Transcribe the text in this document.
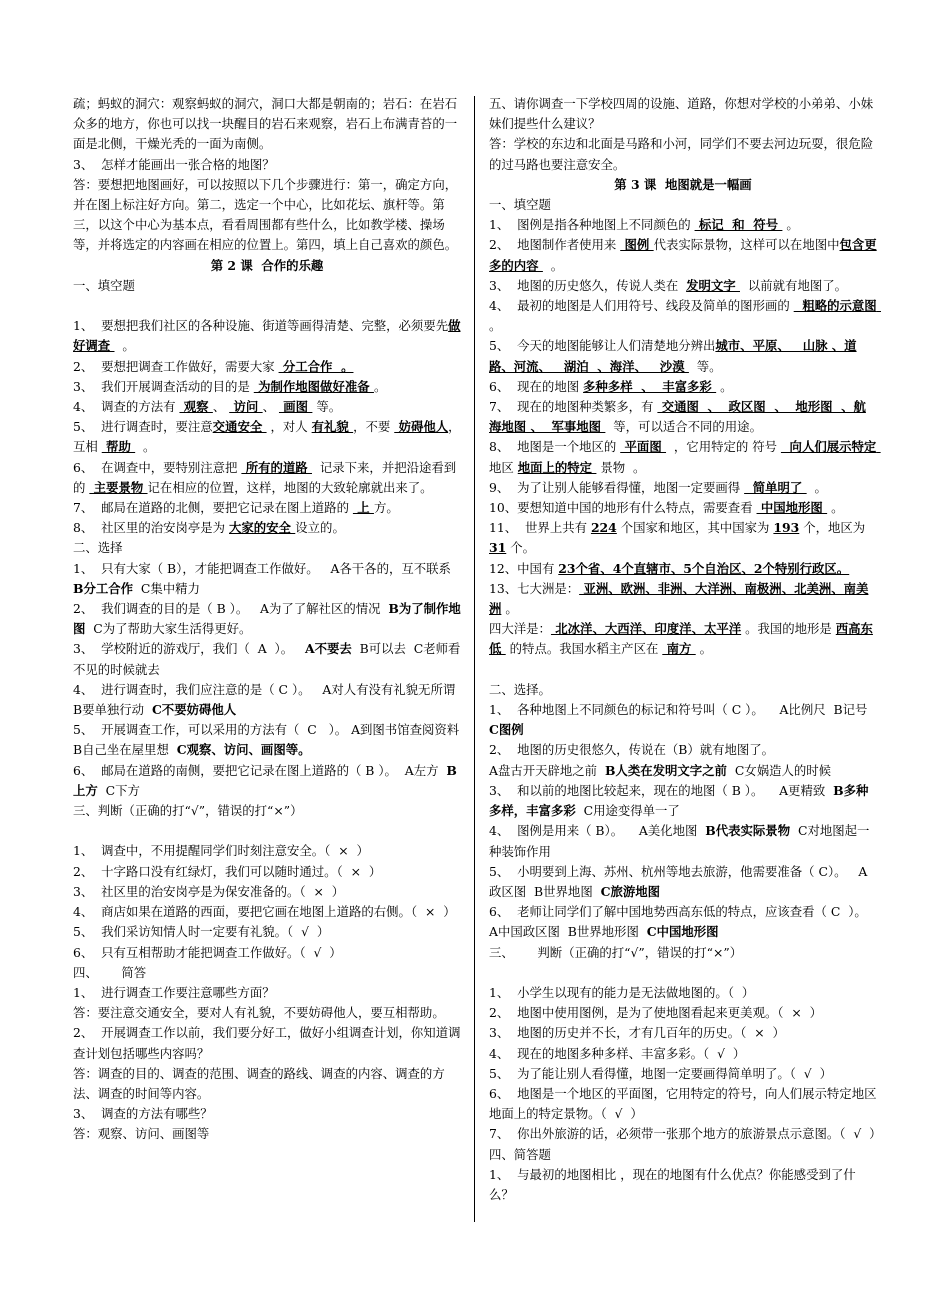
疏；蚂蚁的洞穴：观察蚂蚁的洞穴，洞口大都是朝南的；岩石：在岩石众多的地方，你也可以找一块醒目的岩石来观察，岩石上布满青苔的一面是北侧，干燥光秃的一面为南侧。
3、  怎样才能画出一张合格的地图？
答：要想把地图画好，可以按照以下几个步骤进行：第一，确定方向，并在图上标注好方向。第二，选定一个中心，比如花坛、旗杆等。第三，以这个中心为基本点，看看周围都有些什么，比如教学楼、操场等，并将选定的内容画在相应的位置上。第四，填上自己喜欢的颜色。
第 2 课  合作的乐趣
一、填空题
1、  要想把我们社区的各种设施、街道等画得清楚、完整，必须要先做好调查   。
2、  要想把调查工作做好，需要大家  分工合作  。
3、  我们开展调查活动的目的是  为制作地图做好准备 。
4、  调查的方法有  观察 、  访问 、  画图  等。
5、  进行调查时，要注意交通安全  ，对人 有礼貌 ，不要  妨碍他人，互相  帮助   。
6、  在调查中，要特别注意把  所有的道路   记录下来，并把沿途看到的  主要景物 记在相应的位置，这样，地图的大致轮廓就出来了。
7、  邮局在道路的北侧，要把它记录在图上道路的  上 方。
8、  社区里的治安岗亭是为 大家的安全 设立的。
二、选择
1、  只有大家（ B），才能把调查工作做好。   A各干各的，互不联系  B分工合作  C集中精力
2、  我们调查的目的是（ B ）。   A为了了解社区的情况  B为了制作地图  C为了帮助大家生活得更好。
3、  学校附近的游戏厅，我们（  A  ）。   A不要去  B可以去  C老师看不见的时候就去
4、  进行调查时，我们应注意的是（ C ）。   A对人有没有礼貌无所谓  B要单独行动  C不要妨碍他人
5、  开展调查工作，可以采用的方法有（  C   ）。 A到图书馆查阅资料  B自己坐在屋里想  C观察、访问、画图等。
6、  邮局在道路的南侧，要把它记录在图上道路的（ B ）。  A左方  B上方  C下方
三、判断（正确的打“√”，错误的打“×”）
1、  调查中，不用提醒同学们时刻注意安全。（  ×  ）
2、  十字路口没有红绿灯，我们可以随时通过。（  ×  ）
3、  社区里的治安岗亭是为保安准备的。（  ×  ）
4、  商店如果在道路的西面，要把它画在地图上道路的右侧。（  ×  ）
5、  我们采访知情人时一定要有礼貌。（  √  ）
6、  只有互相帮助才能把调查工作做好。（  √  ）
四、      简答
1、  进行调查工作要注意哪些方面？
答：要注意交通安全，要对人有礼貌，不要妨碍他人，要互相帮助。
2、  开展调查工作以前，我们要分好工，做好小组调查计划，你知道调查计划包括哪些内容吗？
答：调查的目的、调查的范围、调查的路线、调查的内容、调查的方法、调查的时间等内容。
3、  调查的方法有哪些？
答：观察、访问、画图等
五、请你调查一下学校四周的设施、道路，你想对学校的小弟弟、小妹妹们提些什么建议？
答：学校的东边和北面是马路和小河，同学们不要去河边玩耍，很危险的过马路也要注意安全。
第 3 课  地图就是一幅画
一、填空题
1、  图例是指各种地图上不同颜色的  标记  和  符号  。
2、  地图制作者使用来  图例 代表实际景物，这样可以在地图中包含更多的内容   。
3、  地图的历史悠久，传说人类在  发明文字   以前就有地图了。
4、  最初的地图是人们用符号、线段及简单的图形画的   粗略的示意图   。
5、  今天的地图能够让人们清楚地分辨出城市、平原、   山脉 、道路、河流、   湖泊  、海洋、   沙漠   等。
6、  现在的地图 多种多样  、  丰富多彩  。
7、  现在的地图种类繁多，有  交通图  、  政区图  、  地形图  、航海地图 、  军事地图   等，可以适合不同的用途。
8、  地图是一个地区的  平面图   ，它用特定的 符号   向人们展示特定  地区 地面上的特定  景物  。
9、  为了让别人能够看得懂，地图一定要画得   简单明了   。
10、要想知道中国的地形有什么特点，需要查看  中国地形图  。
11、  世界上共有 224 个国家和地区，其中国家为 193 个，地区为 31 个。
12、中国有 23个省、4个直辖市、5个自治区、2个特别行政区。
13、七大洲是： 亚洲、欧洲、非洲、大洋洲、南极洲、北美洲、南美洲 。
四大洋是： 北冰洋、大西洋、印度洋、太平洋 。我国的地形是 西高东低  的特点。我国水稻主产区在  南方  。
二、选择。
1、  各种地图上不同颜色的标记和符号叫（ C ）。    A比例尺  B记号  C图例
2、  地图的历史很悠久，传说在（B）就有地图了。
A盘古开天辟地之前  B人类在发明文字之前  C女娲造人的时候
3、  和以前的地图比较起来，现在的地图（ B ）。    A更精致  B多种多样，丰富多彩  C用途变得单一了
4、  图例是用来（ B）。    A美化地图  B代表实际景物  C对地图起一种装饰作用
5、  小明要到上海、苏州、杭州等地去旅游，他需要准备（ C）。   A政区图  B世界地图  C旅游地图
6、  老师让同学们了解中国地势西高东低的特点，应该查看（ C  ）。   A中国政区图  B世界地形图  C中国地形图
三、      判断（正确的打“√”，错误的打“×”）
1、  小学生以现有的能力是无法做地图的。（  ）
2、  地图中使用图例，是为了使地图看起来更美观。（  ×  ）
3、  地图的历史并不长，才有几百年的历史。（  ×  ）
4、  现在的地图多种多样、丰富多彩。（  √  ）
5、  为了能让别人看得懂，地图一定要画得简单明了。（  √  ）
6、  地图是一个地区的平面图，它用特定的符号，向人们展示特定地区地面上的特定景物。（  √  ）
7、  你出外旅游的话，必须带一张那个地方的旅游景点示意图。（  √  ）
四、简答题
1、  与最初的地图相比 ，现在的地图有什么优点？你能感受到了什么？
